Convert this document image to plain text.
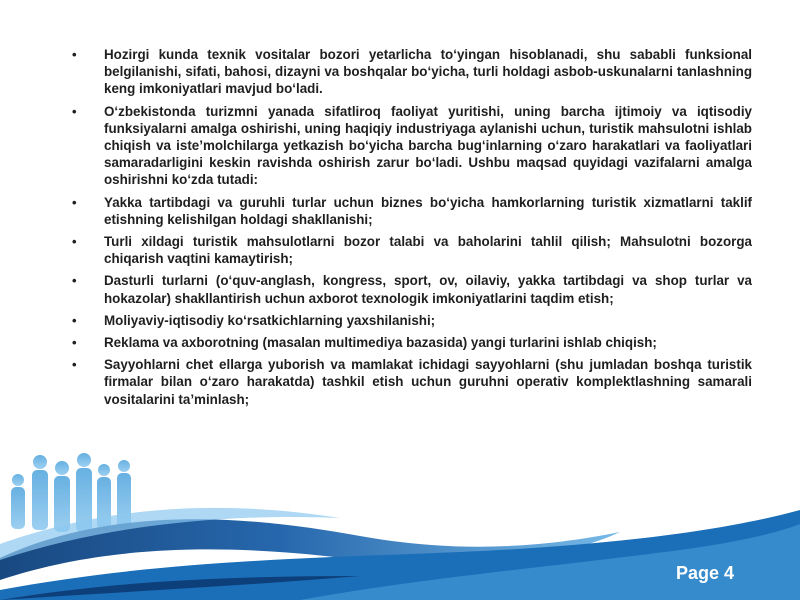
• Hozirgi kunda texnik vositalar bozori yetarlicha to‘yingan hisoblanadi, shu sababli funksional belgilanishi, sifati, bahosi, dizayni va boshqalar bo‘yicha, turli holdagi asbob-uskunalarni tanlashning keng imkoniyatlari mavjud bo‘ladi.
• O‘zbekistonda turizmni yanada sifatliroq faoliyat yuritishi, uning barcha ijtimoiy va iqtisodiy funksiyalarni amalga oshirishi, uning haqiqiy industriyaga aylanishi uchun, turistik mahsulotni ishlab chiqish va iste’molchilarga yetkazish bo‘yicha barcha bug‘inlarning o‘zaro harakatlari va faoliyatlari samaradarligini keskin ravishda oshirish zarur bo‘ladi. Ushbu maqsad quyidagi vazifalarni amalga oshirishni ko‘zda tutadi:
• Yakka tartibdagi va guruhli turlar uchun biznes bo‘yicha hamkorlarning turistik xizmatlarni taklif etishning kelishilgan holdagi shakllanishi;
• Turli xildagi turistik mahsulotlarni bozor talabi va baholarini tahlil qilish; Mahsulotni bozorga chiqarish vaqtini kamaytirish;
• Dasturli turlarni (o‘quv-anglash, kongress, sport, ov, oilaviy, yakka tartibdagi va shop turlar va hokazolar) shakllantirish uchun axborot texnologik imkoniyatlarini taqdim etish;
• Moliyaviy-iqtisodiy ko‘rsatkichlarning yaxshilanishi;
• Reklama va axborotning (masalan multimediya bazasida) yangi turlarini ishlab chiqish;
• Sayyohlarni chet ellarga yuborish va mamlakat ichidagi sayyohlarni (shu jumladan boshqa turistik firmalar bilan o‘zaro harakatda) tashkil etish uchun guruhni operativ komplektlashning samarali vositalarini ta’minlash;
Page 4
